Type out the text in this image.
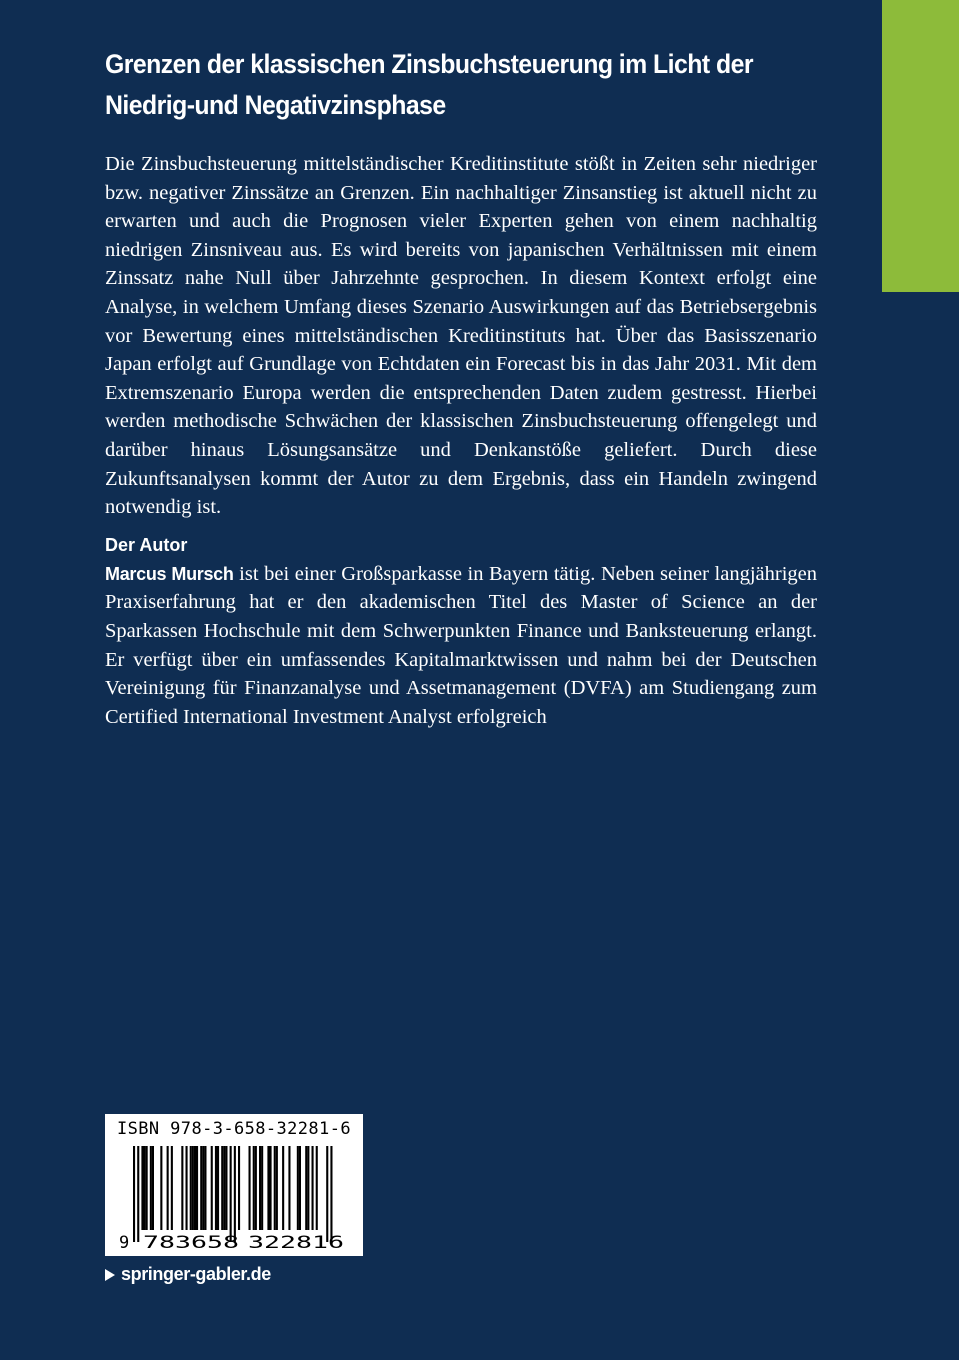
Grenzen der klassischen Zinsbuchsteuerung im Licht der Niedrig-und Negativzinsphase

Die Zinsbuchsteuerung mittelständischer Kreditinstitute stößt in Zeiten sehr niedriger bzw. negativer Zinssätze an Grenzen. Ein nachhaltiger Zinsanstieg ist aktuell nicht zu erwarten und auch die Prognosen vieler Experten gehen von einem nachhaltig niedrigen Zinsniveau aus. Es wird bereits von japanischen Verhältnissen mit einem Zinssatz nahe Null über Jahrzehnte gesprochen. In diesem Kontext erfolgt eine Analyse, in welchem Umfang dieses Szenario Auswirkungen auf das Betriebsergebnis vor Bewertung eines mittelständischen Kreditinstituts hat. Über das Basisszenario Japan erfolgt auf Grundlage von Echtdaten ein Forecast bis in das Jahr 2031. Mit dem Extremszenario Europa werden die entsprechenden Daten zudem gestresst. Hierbei werden methodische Schwächen der klassischen Zinsbuchsteuerung offengelegt und darüber hinaus Lösungsansätze und Denkanstöße geliefert. Durch diese Zukunftsanalysen kommt der Autor zu dem Ergebnis, dass ein Handeln zwingend notwendig ist.

Der Autor

Marcus Mursch ist bei einer Großsparkasse in Bayern tätig. Neben seiner langjährigen Praxiserfahrung hat er den akademischen Titel des Master of Science an der Sparkassen Hochschule mit dem Schwerpunkten Finance und Banksteuerung erlangt. Er verfügt über ein umfassendes Kapitalmarktwissen und nahm bei der Deutschen Vereinigung für Finanzanalyse und Assetmanagement (DVFA) am Studiengang zum Certified International Investment Analyst erfolgreich

ISBN 978-3-658-32281-6
9 783658 322816
springer-gabler.de
